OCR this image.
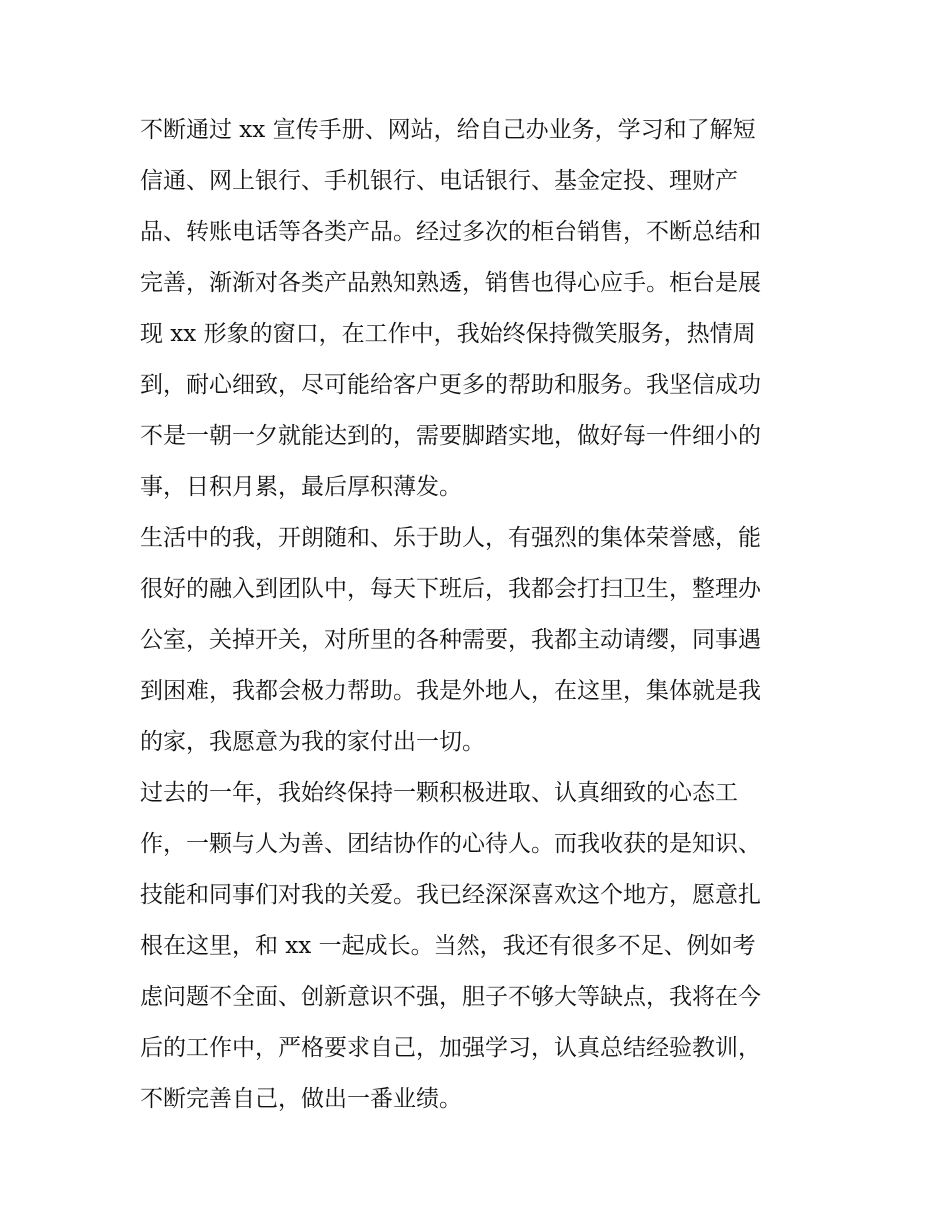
不断通过 xx 宣传手册、网站，给自己办业务，学习和了解短
信通、网上银行、手机银行、电话银行、基金定投、理财产
品、转账电话等各类产品。经过多次的柜台销售，不断总结和
完善，渐渐对各类产品熟知熟透，销售也得心应手。柜台是展
现 xx 形象的窗口，在工作中，我始终保持微笑服务，热情周
到，耐心细致，尽可能给客户更多的帮助和服务。我坚信成功
不是一朝一夕就能达到的，需要脚踏实地，做好每一件细小的
事，日积月累，最后厚积薄发。
生活中的我，开朗随和、乐于助人，有强烈的集体荣誉感，能
很好的融入到团队中，每天下班后，我都会打扫卫生，整理办
公室，关掉开关，对所里的各种需要，我都主动请缨，同事遇
到困难，我都会极力帮助。我是外地人，在这里，集体就是我
的家，我愿意为我的家付出一切。
过去的一年，我始终保持一颗积极进取、认真细致的心态工
作，一颗与人为善、团结协作的心待人。而我收获的是知识、
技能和同事们对我的关爱。我已经深深喜欢这个地方，愿意扎
根在这里，和 xx 一起成长。当然，我还有很多不足、例如考
虑问题不全面、创新意识不强，胆子不够大等缺点，我将在今
后的工作中，严格要求自己，加强学习，认真总结经验教训，
不断完善自己，做出一番业绩。
